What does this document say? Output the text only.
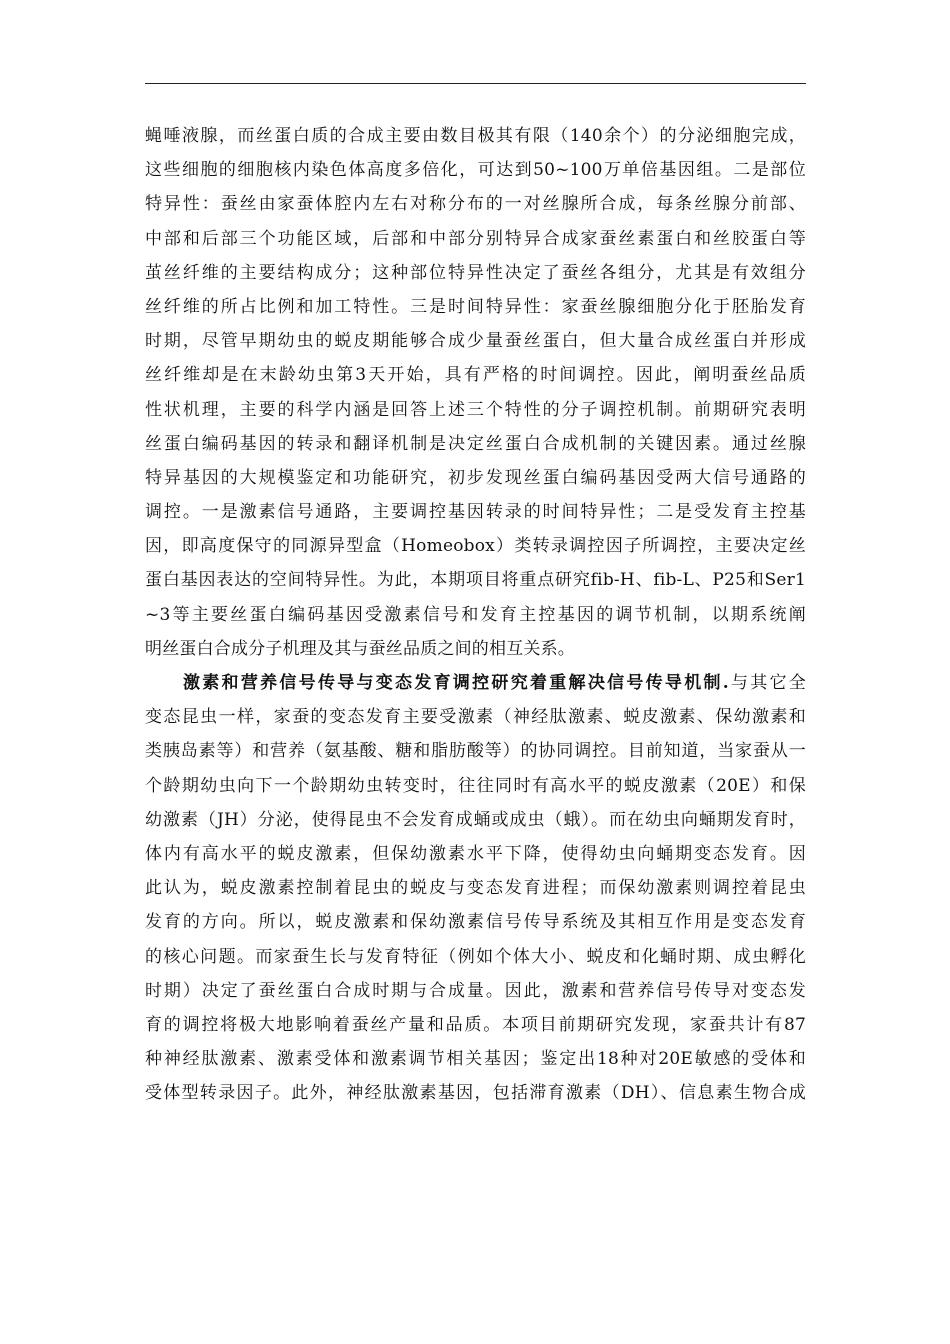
蝇唾液腺，而丝蛋白质的合成主要由数目极其有限（140余个）的分泌细胞完成，
这些细胞的细胞核内染色体高度多倍化，可达到50~100万单倍基因组。二是部位
特异性：蚕丝由家蚕体腔内左右对称分布的一对丝腺所合成，每条丝腺分前部、
中部和后部三个功能区域，后部和中部分别特异合成家蚕丝素蛋白和丝胶蛋白等
茧丝纤维的主要结构成分；这种部位特异性决定了蚕丝各组分，尤其是有效组分
丝纤维的所占比例和加工特性。三是时间特异性：家蚕丝腺细胞分化于胚胎发育
时期，尽管早期幼虫的蜕皮期能够合成少量蚕丝蛋白，但大量合成丝蛋白并形成
丝纤维却是在末龄幼虫第3天开始，具有严格的时间调控。因此，阐明蚕丝品质
性状机理，主要的科学内涵是回答上述三个特性的分子调控机制。前期研究表明
丝蛋白编码基因的转录和翻译机制是决定丝蛋白合成机制的关键因素。通过丝腺
特异基因的大规模鉴定和功能研究，初步发现丝蛋白编码基因受两大信号通路的
调控。一是激素信号通路，主要调控基因转录的时间特异性；二是受发育主控基
因，即高度保守的同源异型盒（Homeobox）类转录调控因子所调控，主要决定丝
蛋白基因表达的空间特异性。为此，本期项目将重点研究fib-H、fib-L、P25和Ser1
~3等主要丝蛋白编码基因受激素信号和发育主控基因的调节机制，以期系统阐
明丝蛋白合成分子机理及其与蚕丝品质之间的相互关系。
激素和营养信号传导与变态发育调控研究着重解决信号传导机制.与其它全
变态昆虫一样，家蚕的变态发育主要受激素（神经肽激素、蜕皮激素、保幼激素和
类胰岛素等）和营养（氨基酸、糖和脂肪酸等）的协同调控。目前知道，当家蚕从一
个龄期幼虫向下一个龄期幼虫转变时，往往同时有高水平的蜕皮激素（20E）和保
幼激素（JH）分泌，使得昆虫不会发育成蛹或成虫（蛾）。而在幼虫向蛹期发育时，
体内有高水平的蜕皮激素，但保幼激素水平下降，使得幼虫向蛹期变态发育。因
此认为，蜕皮激素控制着昆虫的蜕皮与变态发育进程；而保幼激素则调控着昆虫
发育的方向。所以，蜕皮激素和保幼激素信号传导系统及其相互作用是变态发育
的核心问题。而家蚕生长与发育特征（例如个体大小、蜕皮和化蛹时期、成虫孵化
时期）决定了蚕丝蛋白合成时期与合成量。因此，激素和营养信号传导对变态发
育的调控将极大地影响着蚕丝产量和品质。本项目前期研究发现，家蚕共计有87
种神经肽激素、激素受体和激素调节相关基因；鉴定出18种对20E敏感的受体和
受体型转录因子。此外，神经肽激素基因，包括滞育激素（DH）、信息素生物合成
